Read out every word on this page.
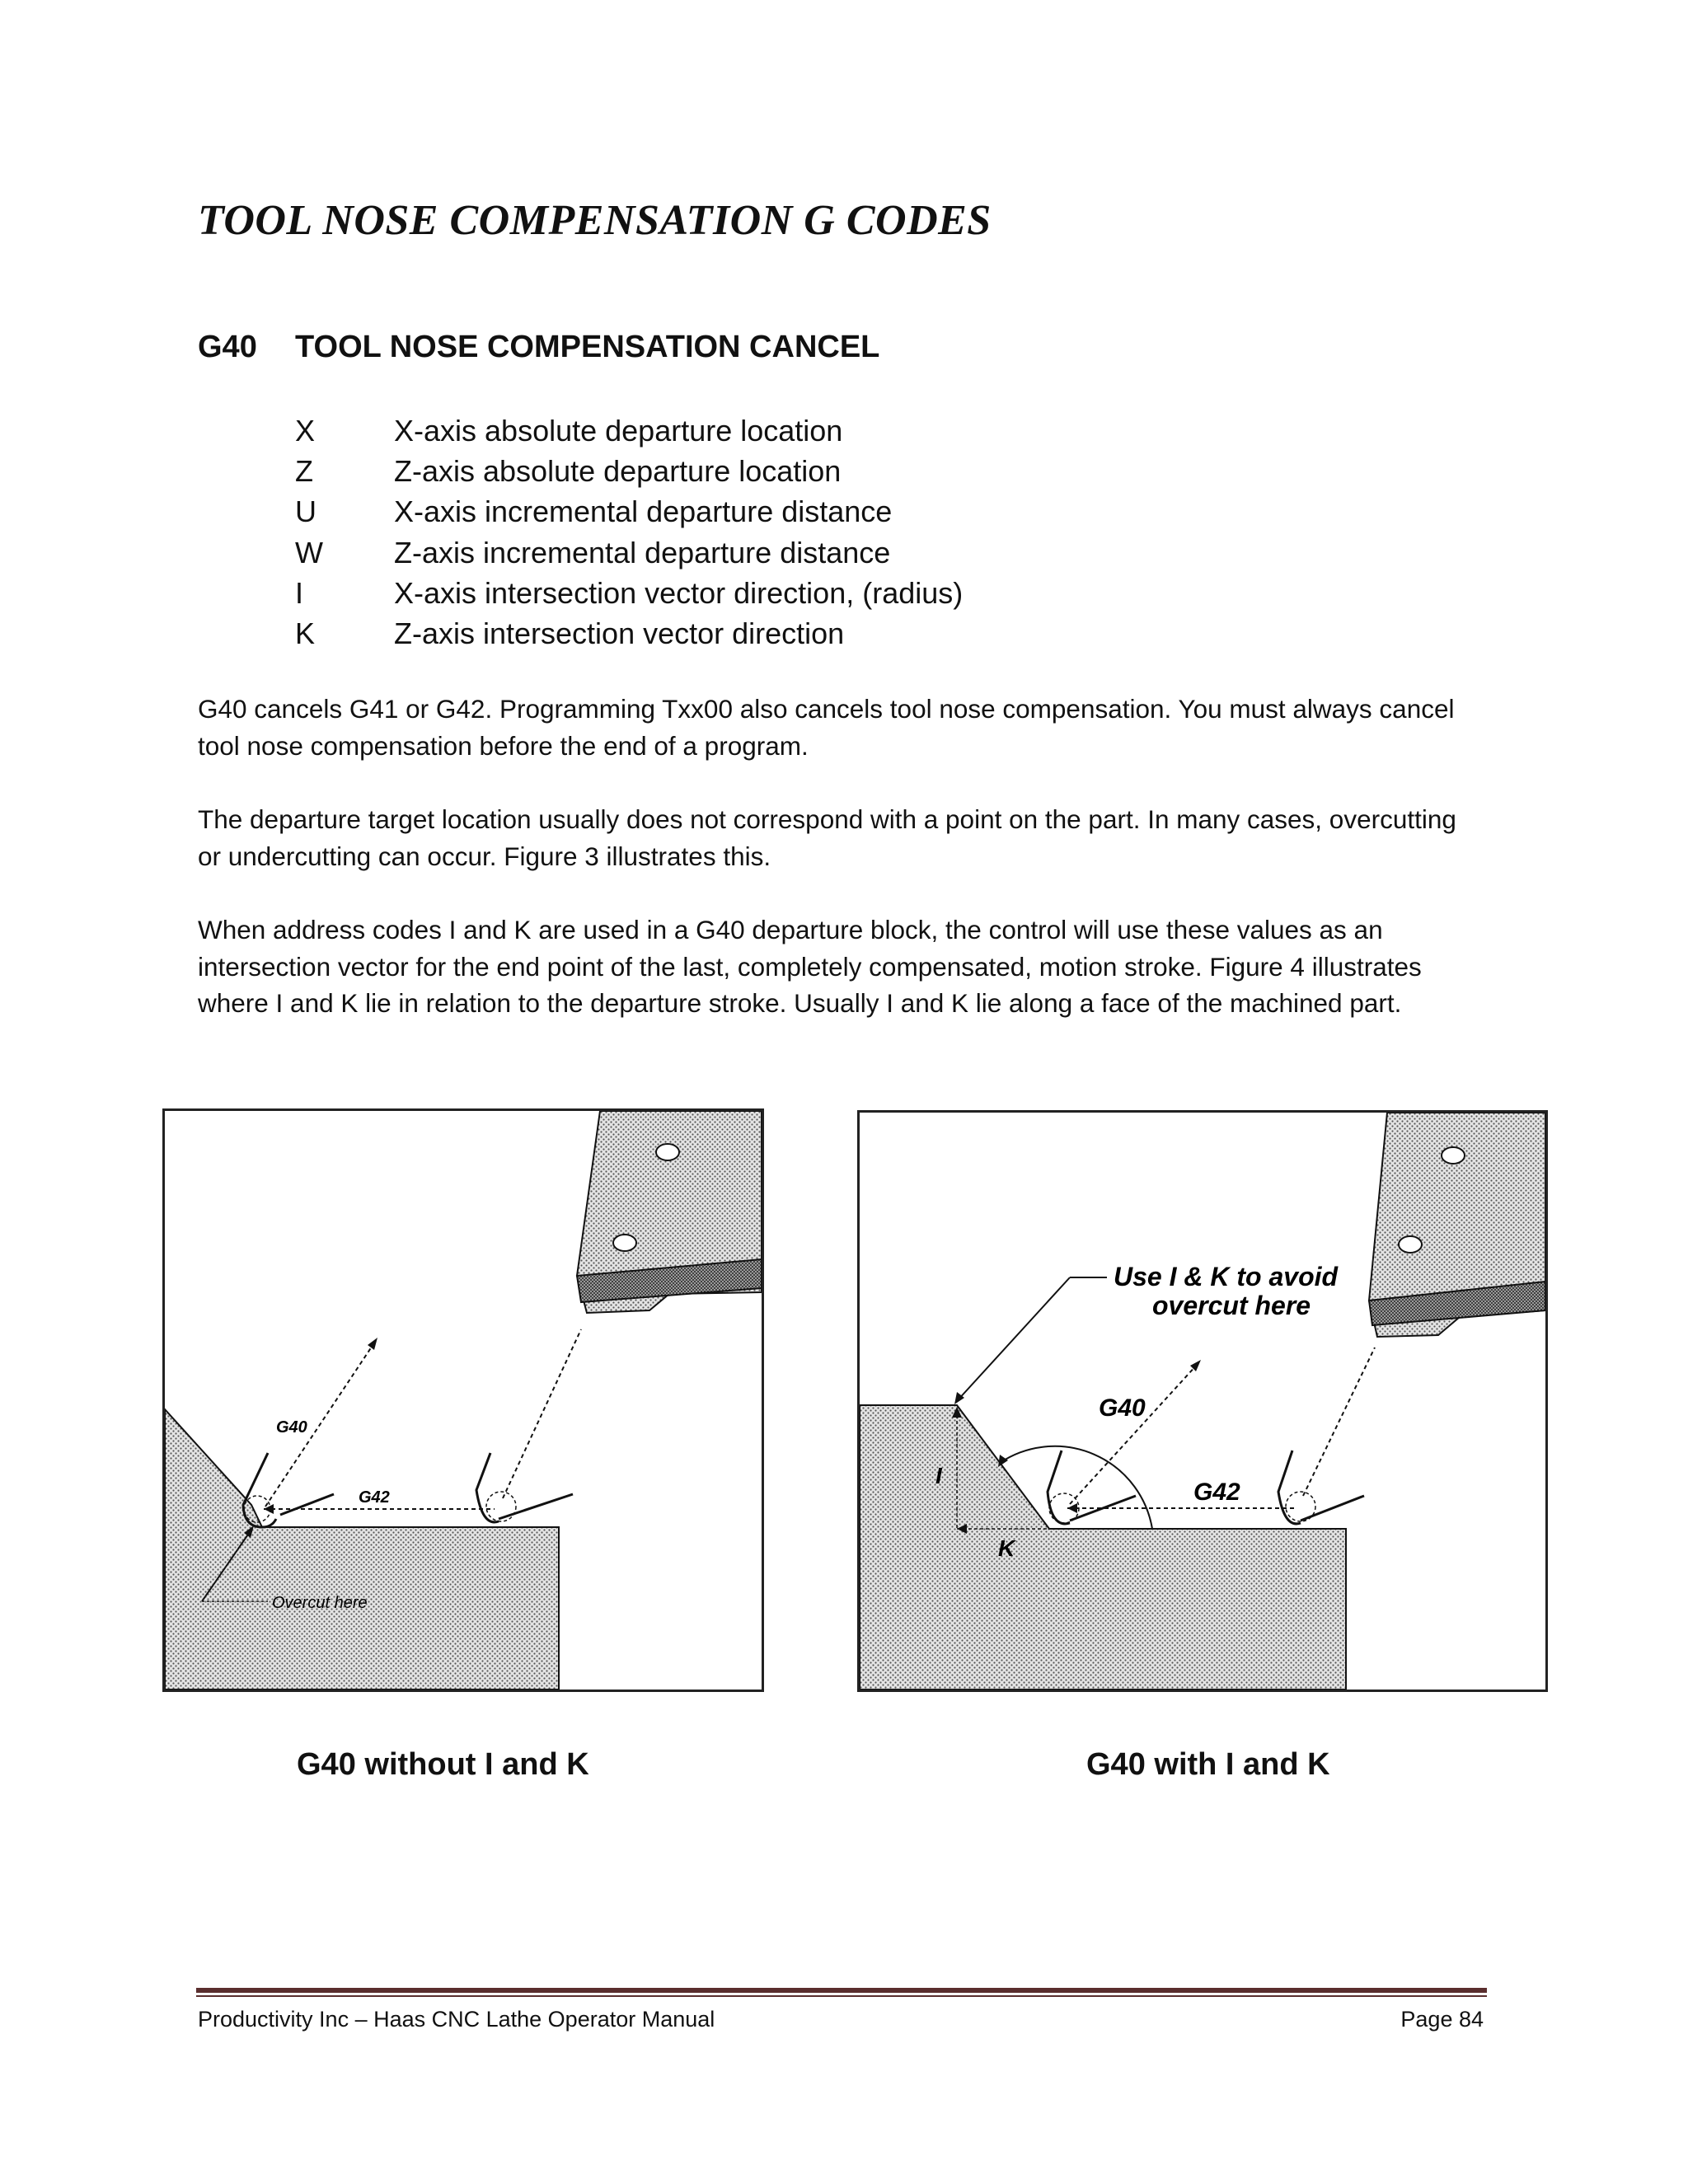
TOOL NOSE COMPENSATION G CODES
G40 TOOL NOSE COMPENSATION CANCEL
X	X-axis absolute departure location
Z	Z-axis absolute departure location
U	X-axis incremental departure distance
W	Z-axis incremental departure distance
I	X-axis intersection vector direction, (radius)
K	Z-axis intersection vector direction

G40 cancels G41 or G42. Programming Txx00 also cancels tool nose compensation. You must always cancel tool nose compensation before the end of a program.

The departure target location usually does not correspond with a point on the part. In many cases, overcutting or undercutting can occur. Figure 3 illustrates this.

When address codes I and K are used in a G40 departure block, the control will use these values as an intersection vector for the end point of the last, completely compensated, motion stroke. Figure 4 illustrates where I and K lie in relation to the departure stroke. Usually I and K lie along a face of the machined part.

G40
G42
Overcut here
Use I & K to avoid
overcut here
G40
G42
I
K

G40 without I and K	G40 with I and K

Productivity Inc – Haas CNC Lathe Operator Manual	Page 84
